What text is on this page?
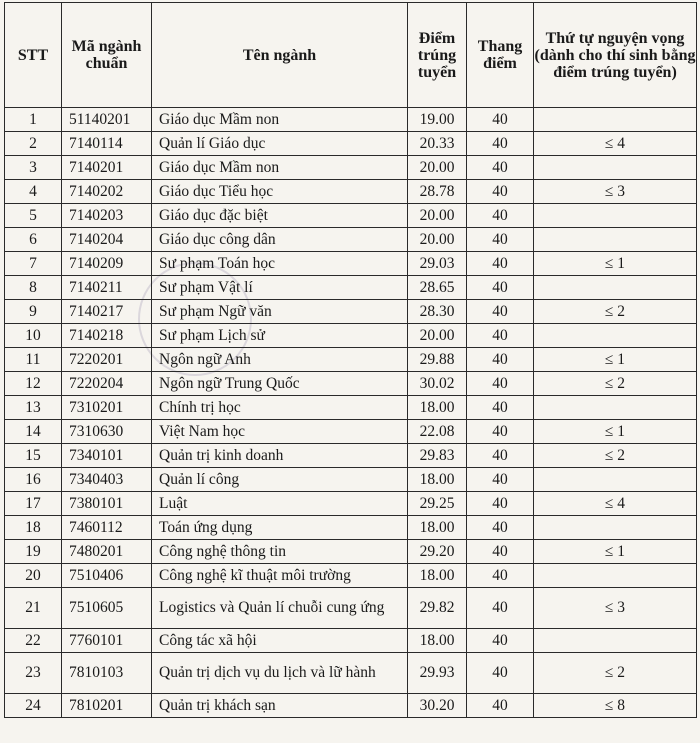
STT	Mã ngành chuẩn	Tên ngành	Điểm trúng tuyển	Thang điểm	Thứ tự nguyện vọng (dành cho thí sinh bằng điểm trúng tuyển)
1	51140201	Giáo dục Mầm non	19.00	40	
2	7140114	Quản lí Giáo dục	20.33	40	≤ 4
3	7140201	Giáo dục Mầm non	20.00	40	
4	7140202	Giáo dục Tiểu học	28.78	40	≤ 3
5	7140203	Giáo dục đặc biệt	20.00	40	
6	7140204	Giáo dục công dân	20.00	40	
7	7140209	Sư phạm Toán học	29.03	40	≤ 1
8	7140211	Sư phạm Vật lí	28.65	40	
9	7140217	Sư phạm Ngữ văn	28.30	40	≤ 2
10	7140218	Sư phạm Lịch sử	20.00	40	
11	7220201	Ngôn ngữ Anh	29.88	40	≤ 1
12	7220204	Ngôn ngữ Trung Quốc	30.02	40	≤ 2
13	7310201	Chính trị học	18.00	40	
14	7310630	Việt Nam học	22.08	40	≤ 1
15	7340101	Quản trị kinh doanh	29.83	40	≤ 2
16	7340403	Quản lí công	18.00	40	
17	7380101	Luật	29.25	40	≤ 4
18	7460112	Toán ứng dụng	18.00	40	
19	7480201	Công nghệ thông tin	29.20	40	≤ 1
20	7510406	Công nghệ kĩ thuật môi trường	18.00	40	
21	7510605	Logistics và Quản lí chuỗi cung ứng	29.82	40	≤ 3
22	7760101	Công tác xã hội	18.00	40	
23	7810103	Quản trị dịch vụ du lịch và lữ hành	29.93	40	≤ 2
24	7810201	Quản trị khách sạn	30.20	40	≤ 8
